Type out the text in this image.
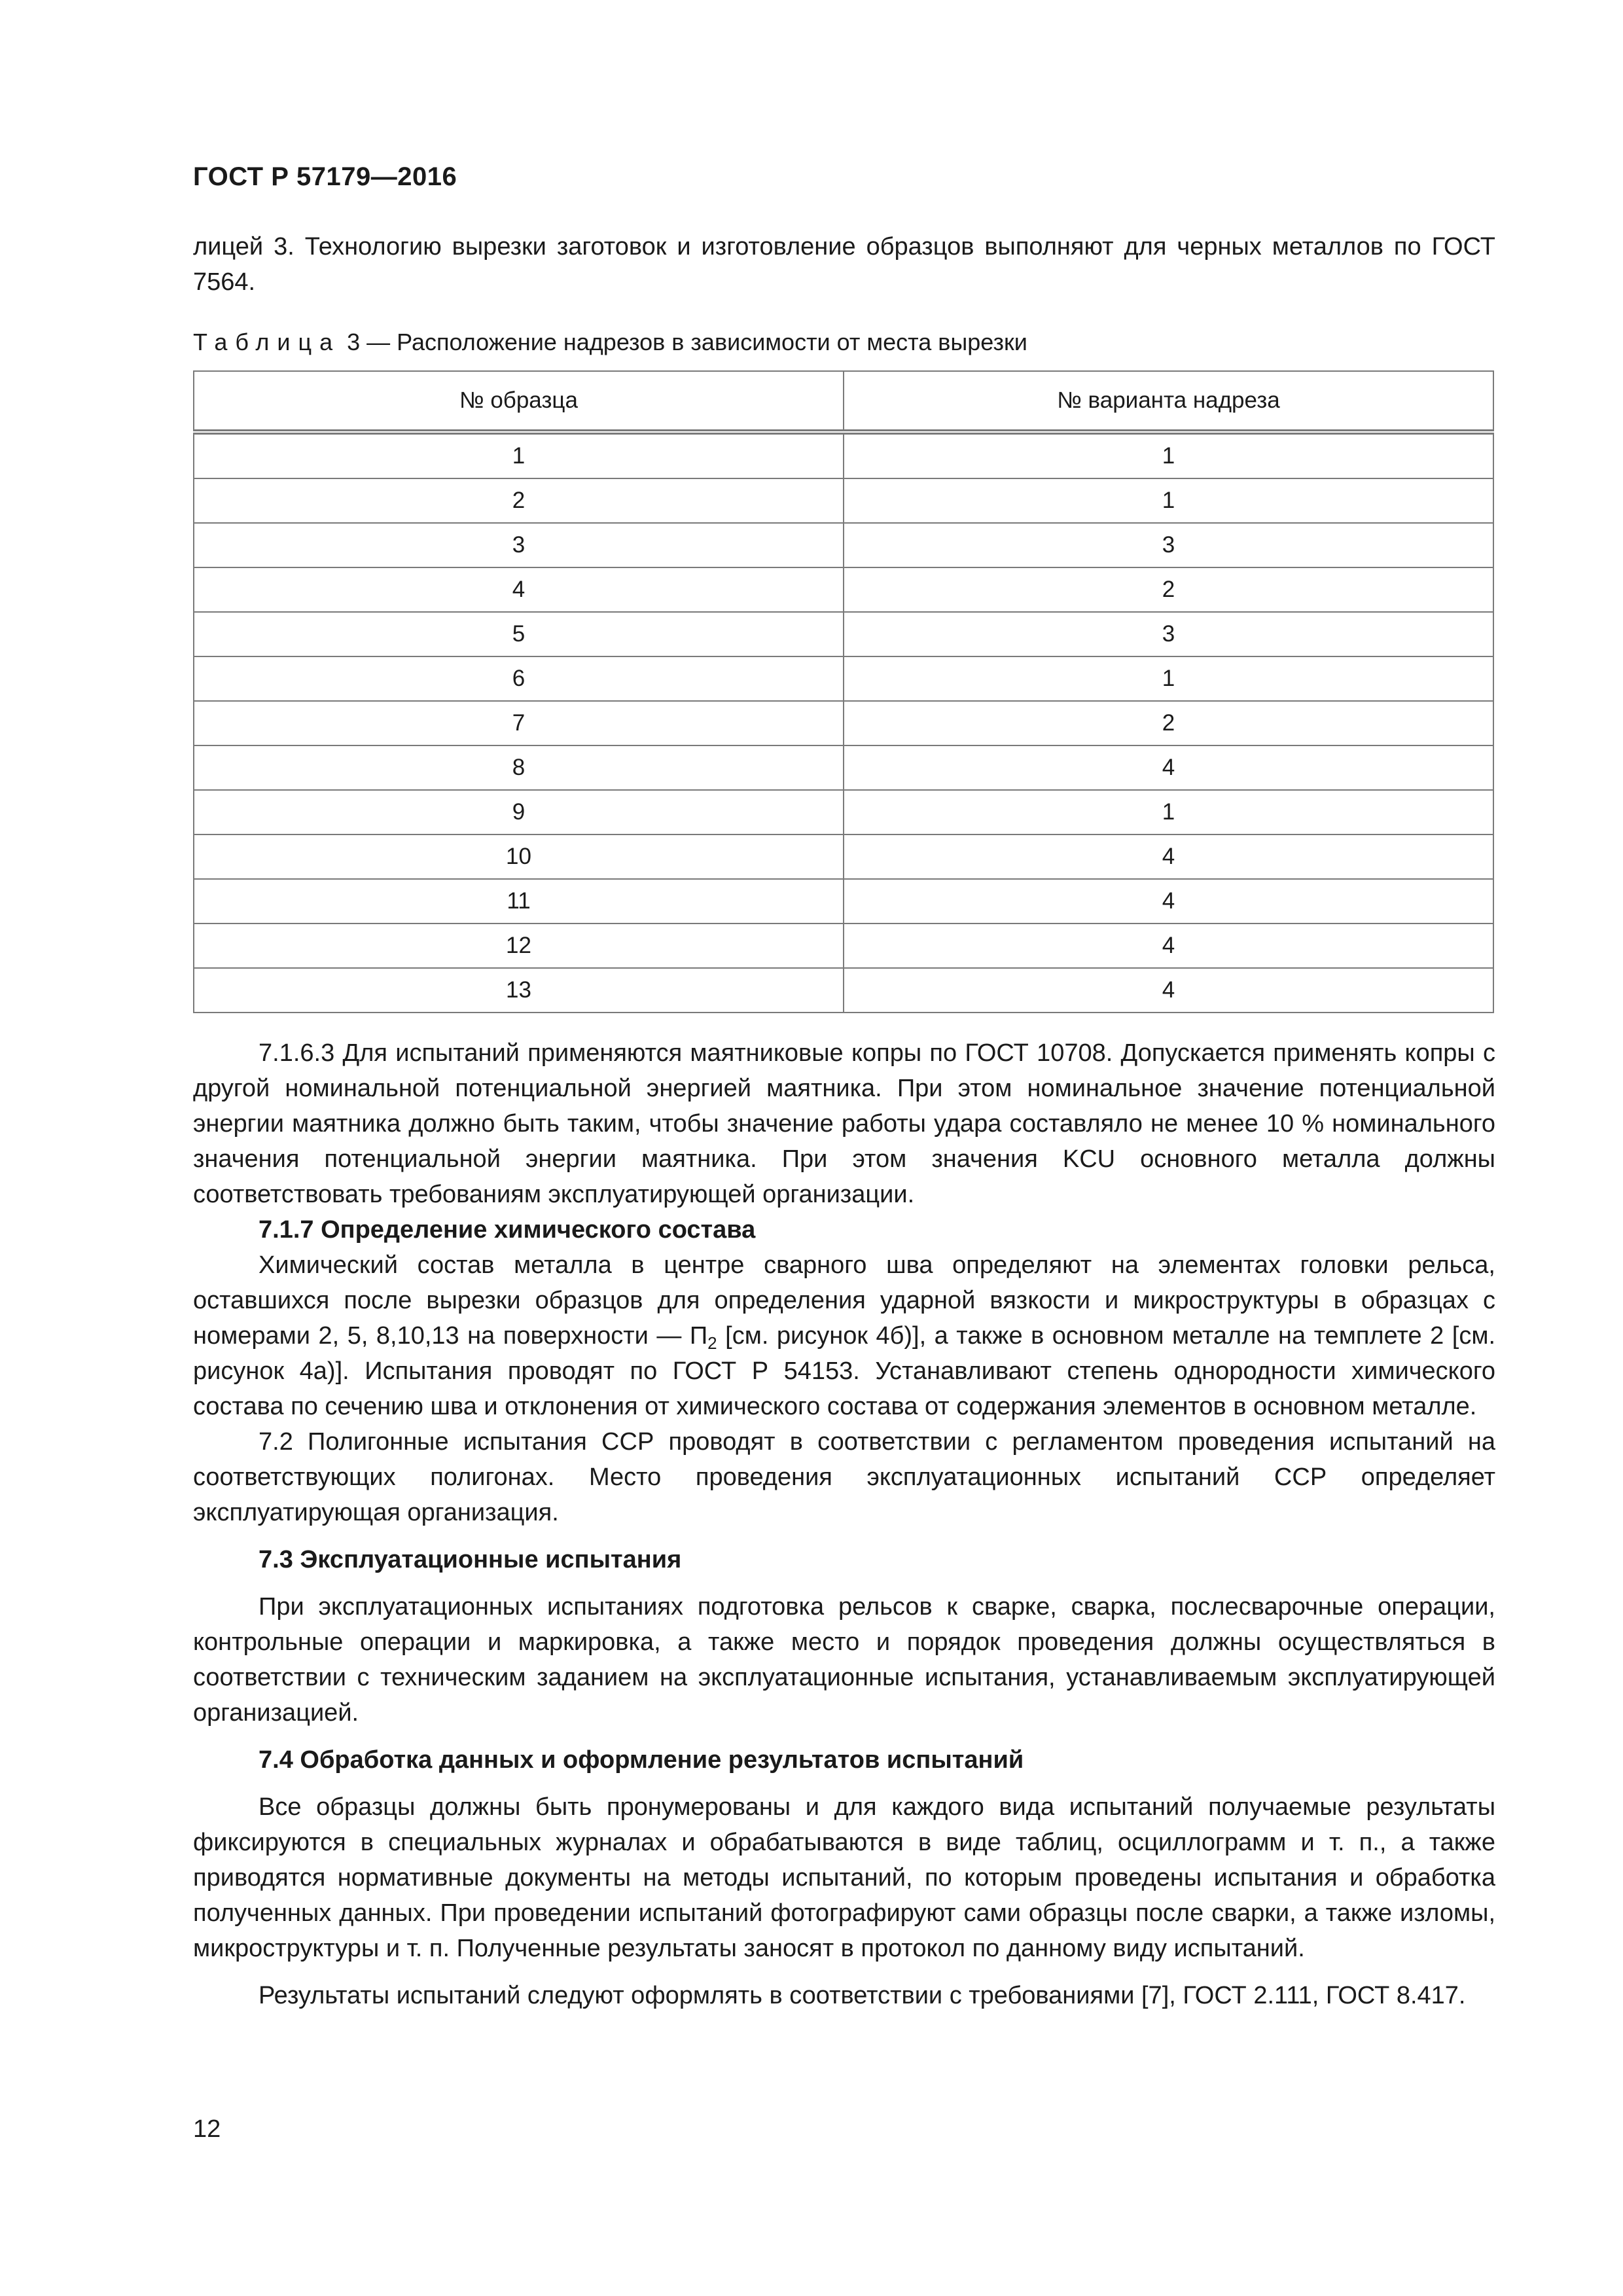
ГОСТ Р 57179—2016
лицей 3. Технологию вырезки заготовок и изготовление образцов выполняют для черных металлов по ГОСТ 7564.
Таблица 3 — Расположение надрезов в зависимости от места вырезки
№ образца	№ варианта надреза
1	1
2	1
3	3
4	2
5	3
6	1
7	2
8	4
9	1
10	4
11	4
12	4
13	4

7.1.6.3 Для испытаний применяются маятниковые копры по ГОСТ 10708. Допускается применять копры с другой номинальной потенциальной энергией маятника. При этом номинальное значение потенциальной энергии маятника должно быть таким, чтобы значение работы удара составляло не менее 10 % номинального значения потенциальной энергии маятника. При этом значения KCU основного металла должны соответствовать требованиям эксплуатирующей организации.

7.1.7 Определение химического состава

Химический состав металла в центре сварного шва определяют на элементах головки рельса, оставшихся после вырезки образцов для определения ударной вязкости и микроструктуры в образцах с номерами 2, 5, 8,10,13 на поверхности — $П_2$ [см. рисунок 4б)], а также в основном металле на темплете 2 [см. рисунок 4а)]. Испытания проводят по ГОСТ Р 54153. Устанавливают степень однородности химического состава по сечению шва и отклонения от химического состава от содержания элементов в основном металле.

7.2 Полигонные испытания ССР проводят в соответствии с регламентом проведения испытаний на соответствующих полигонах. Место проведения эксплуатационных испытаний ССР определяет эксплуатирующая организация.

7.3 Эксплуатационные испытания

При эксплуатационных испытаниях подготовка рельсов к сварке, сварка, послесварочные операции, контрольные операции и маркировка, а также место и порядок проведения должны осуществляться в соответствии с техническим заданием на эксплуатационные испытания, устанавливаемым эксплуатирующей организацией.

7.4 Обработка данных и оформление результатов испытаний

Все образцы должны быть пронумерованы и для каждого вида испытаний получаемые результаты фиксируются в специальных журналах и обрабатываются в виде таблиц, осциллограмм и т. п., а также приводятся нормативные документы на методы испытаний, по которым проведены испытания и обработка полученных данных. При проведении испытаний фотографируют сами образцы после сварки, а также изломы, микроструктуры и т. п. Полученные результаты заносят в протокол по данному виду испытаний.

Результаты испытаний следуют оформлять в соответствии с требованиями [7], ГОСТ 2.111, ГОСТ 8.417.

12
